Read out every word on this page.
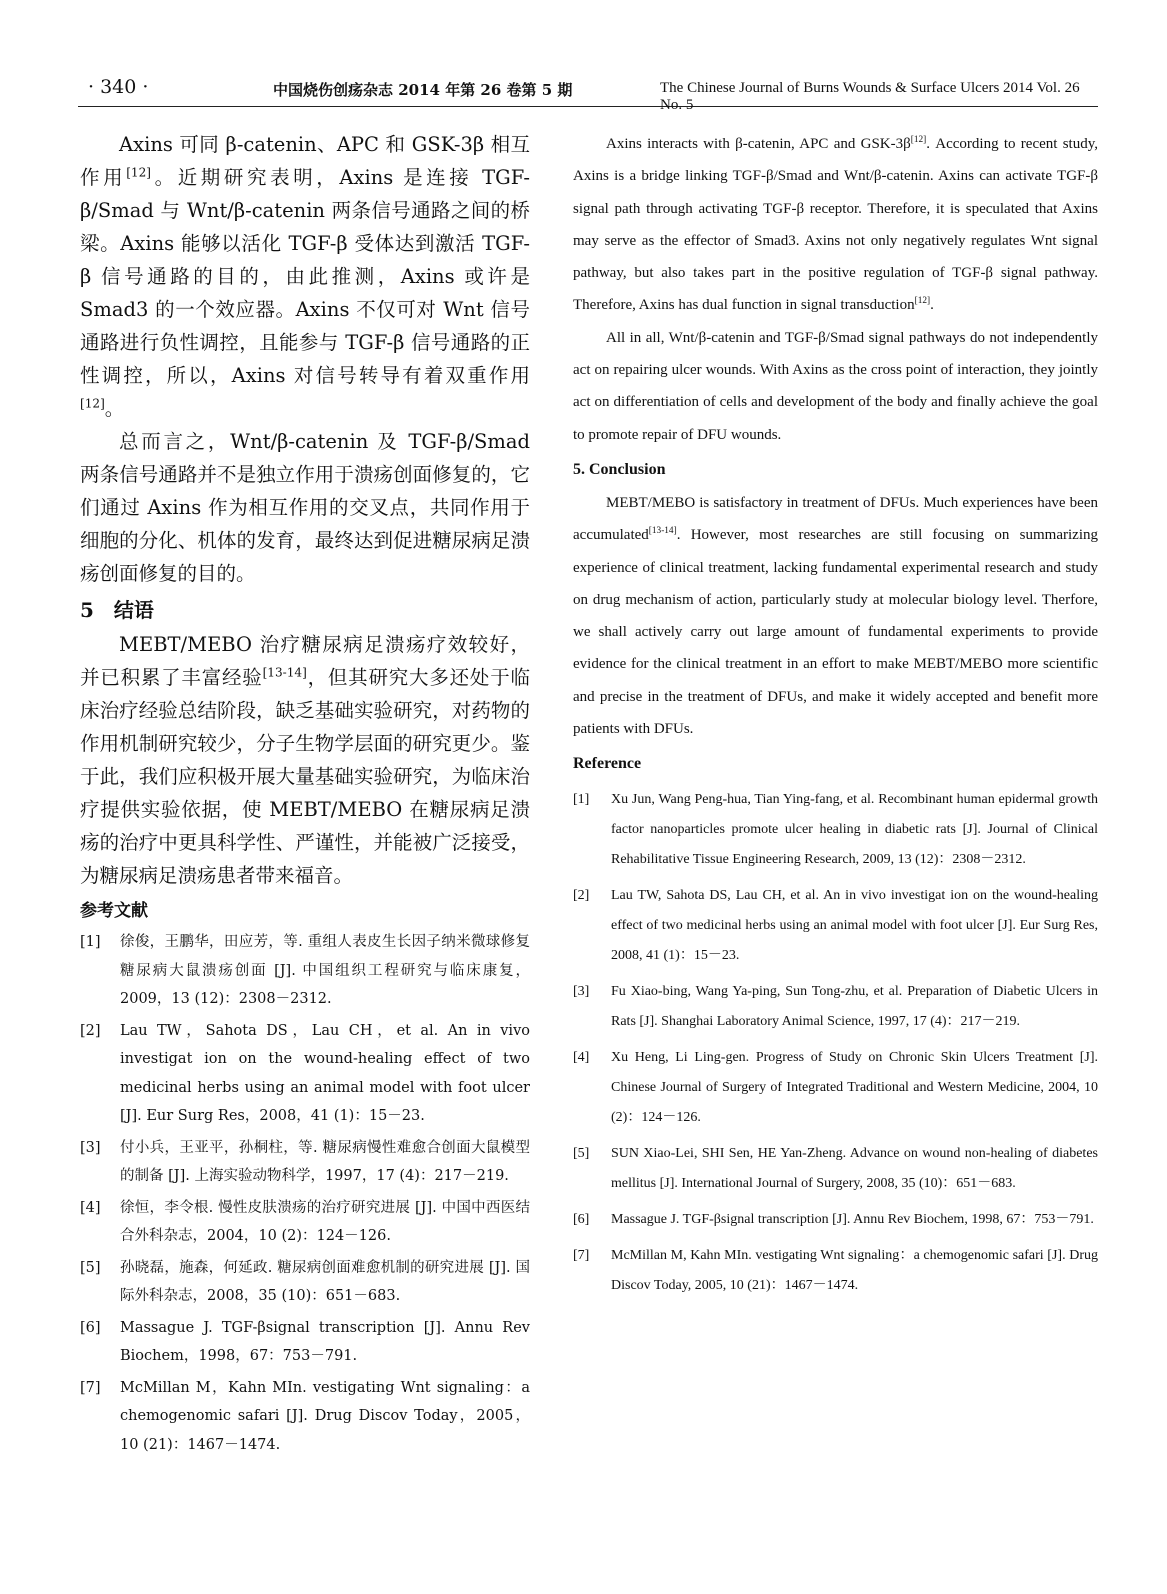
· 340 ·	中国烧伤创疡杂志 2014 年第 26 卷第 5 期	The Chinese Journal of Burns Wounds & Surface Ulcers 2014 Vol. 26 No. 5

Axins 可同 β-catenin、APC 和 GSK-3β 相互作用[12]。近期研究表明，Axins 是连接 TGF-β/Smad 与 Wnt/β-catenin 两条信号通路之间的桥梁。Axins 能够以活化 TGF-β 受体达到激活 TGF-β 信号通路的目的，由此推测，Axins 或许是 Smad3 的一个效应器。Axins 不仅可对 Wnt 信号通路进行负性调控，且能参与 TGF-β 信号通路的正性调控，所以，Axins 对信号转导有着双重作用[12]。

总而言之，Wnt/β-catenin 及 TGF-β/Smad 两条信号通路并不是独立作用于溃疡创面修复的，它们通过 Axins 作为相互作用的交叉点，共同作用于细胞的分化、机体的发育，最终达到促进糖尿病足溃疡创面修复的目的。

5　结语

MEBT/MEBO 治疗糖尿病足溃疡疗效较好，并已积累了丰富经验[13-14]，但其研究大多还处于临床治疗经验总结阶段，缺乏基础实验研究，对药物的作用机制研究较少，分子生物学层面的研究更少。鉴于此，我们应积极开展大量基础实验研究，为临床治疗提供实验依据，使 MEBT/MEBO 在糖尿病足溃疡的治疗中更具科学性、严谨性，并能被广泛接受，为糖尿病足溃疡患者带来福音。

参考文献
[1] 徐俊，王鹏华，田应芳，等. 重组人表皮生长因子纳米微球修复糖尿病大鼠溃疡创面 [J]. 中国组织工程研究与临床康复，2009，13 (12)：2308－2312.
[2] Lau TW，Sahota DS，Lau CH，et al. An in vivo investigat ion on the wound-healing effect of two medicinal herbs using an animal model with foot ulcer [J]. Eur Surg Res，2008，41 (1)：15－23.
[3] 付小兵，王亚平，孙桐柱，等. 糖尿病慢性难愈合创面大鼠模型的制备 [J]. 上海实验动物科学，1997，17 (4)：217－219.
[4] 徐恒，李令根. 慢性皮肤溃疡的治疗研究进展 [J]. 中国中西医结合外科杂志，2004，10 (2)：124－126.
[5] 孙晓磊，施森，何延政. 糖尿病创面难愈机制的研究进展 [J]. 国际外科杂志，2008，35 (10)：651－683.
[6] Massague J. TGF-βsignal transcription [J]. Annu Rev Biochem，1998，67：753－791.
[7] McMillan M，Kahn MIn. vestigating Wnt signaling：a chemogenomic safari [J]. Drug Discov Today，2005，10 (21)：1467－1474.

Axins interacts with β-catenin, APC and GSK-3β[12]. According to recent study, Axins is a bridge linking TGF-β/Smad and Wnt/β-catenin. Axins can activate TGF-β signal path through activating TGF-β receptor. Therefore, it is speculated that Axins may serve as the effector of Smad3. Axins not only negatively regulates Wnt signal pathway, but also takes part in the positive regulation of TGF-β signal pathway. Therefore, Axins has dual function in signal transduction[12].

All in all, Wnt/β-catenin and TGF-β/Smad signal pathways do not independently act on repairing ulcer wounds. With Axins as the cross point of interaction, they jointly act on differentiation of cells and development of the body and finally achieve the goal to promote repair of DFU wounds.

5. Conclusion

MEBT/MEBO is satisfactory in treatment of DFUs. Much experiences have been accumulated[13-14]. However, most researches are still focusing on summarizing experience of clinical treatment, lacking fundamental experimental research and study on drug mechanism of action, particularly study at molecular biology level. Therfore, we shall actively carry out large amount of fundamental experiments to provide evidence for the clinical treatment in an effort to make MEBT/MEBO more scientific and precise in the treatment of DFUs, and make it widely accepted and benefit more patients with DFUs.

Reference
[1] Xu Jun, Wang Peng-hua, Tian Ying-fang, et al. Recombinant human epidermal growth factor nanoparticles promote ulcer healing in diabetic rats [J]. Journal of Clinical Rehabilitative Tissue Engineering Research, 2009, 13 (12)：2308－2312.
[2] Lau TW, Sahota DS, Lau CH, et al. An in vivo investigat ion on the wound-healing effect of two medicinal herbs using an animal model with foot ulcer [J]. Eur Surg Res, 2008, 41 (1)：15－23.
[3] Fu Xiao-bing, Wang Ya-ping, Sun Tong-zhu, et al. Preparation of Diabetic Ulcers in Rats [J]. Shanghai Laboratory Animal Science, 1997, 17 (4)：217－219.
[4] Xu Heng, Li Ling-gen. Progress of Study on Chronic Skin Ulcers Treatment [J]. Chinese Journal of Surgery of Integrated Traditional and Western Medicine, 2004, 10 (2)：124－126.
[5] SUN Xiao-Lei, SHI Sen, HE Yan-Zheng. Advance on wound non-healing of diabetes mellitus [J]. International Journal of Surgery, 2008, 35 (10)：651－683.
[6] Massague J. TGF-βsignal transcription [J]. Annu Rev Biochem, 1998, 67：753－791.
[7] McMillan M, Kahn MIn. vestigating Wnt signaling：a chemogenomic safari [J]. Drug Discov Today, 2005, 10 (21)：1467－1474.
